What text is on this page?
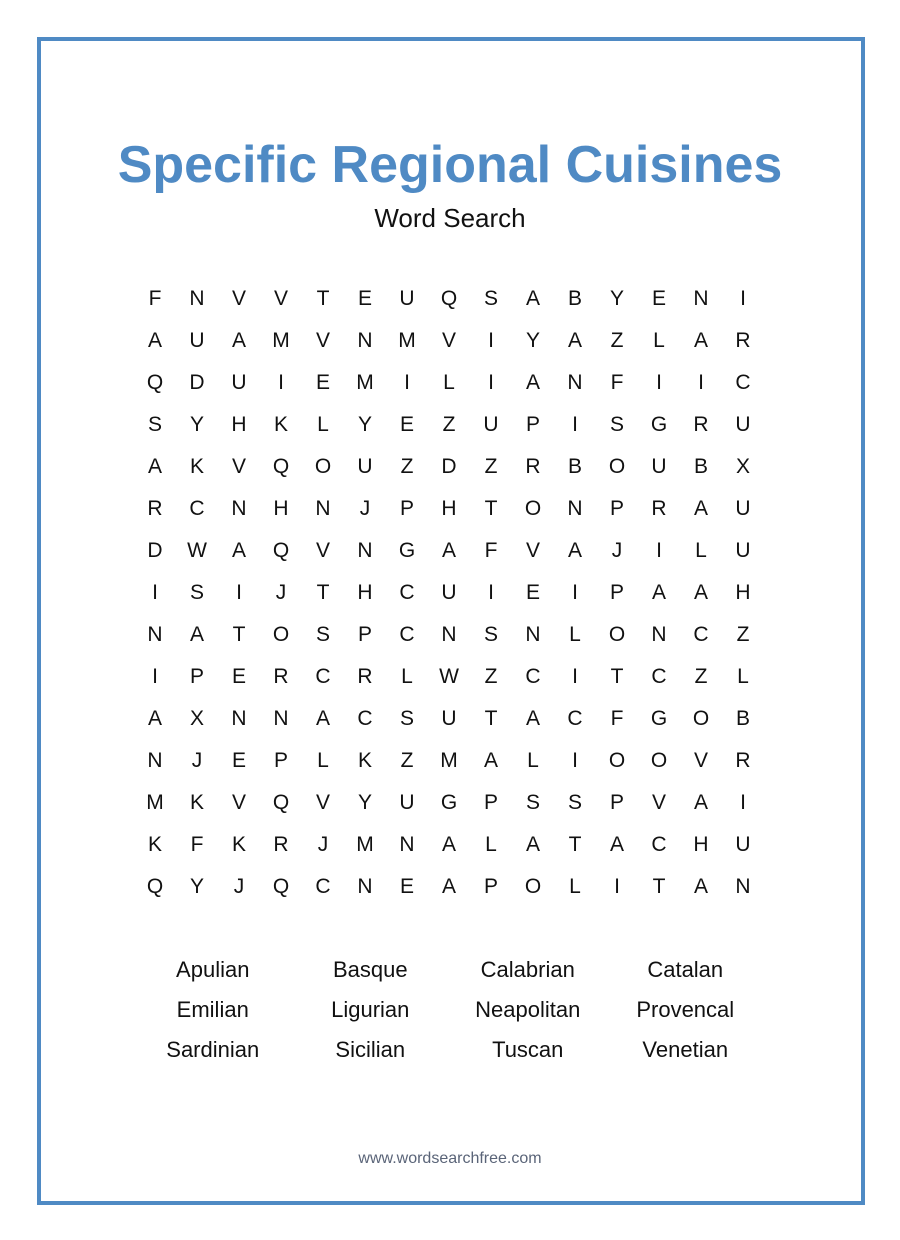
Specific Regional Cuisines
Word Search
F	N	V	V	T	E	U	Q	S	A	B	Y	E	N	I
A	U	A	M	V	N	M	V	I	Y	A	Z	L	A	R
Q	D	U	I	E	M	I	L	I	A	N	F	I	I	C
S	Y	H	K	L	Y	E	Z	U	P	I	S	G	R	U
A	K	V	Q	O	U	Z	D	Z	R	B	O	U	B	X
R	C	N	H	N	J	P	H	T	O	N	P	R	A	U
D	W	A	Q	V	N	G	A	F	V	A	J	I	L	U
I	S	I	J	T	H	C	U	I	E	I	P	A	A	H
N	A	T	O	S	P	C	N	S	N	L	O	N	C	Z
I	P	E	R	C	R	L	W	Z	C	I	T	C	Z	L
A	X	N	N	A	C	S	U	T	A	C	F	G	O	B
N	J	E	P	L	K	Z	M	A	L	I	O	O	V	R
M	K	V	Q	V	Y	U	G	P	S	S	P	V	A	I
K	F	K	R	J	M	N	A	L	A	T	A	C	H	U
Q	Y	J	Q	C	N	E	A	P	O	L	I	T	A	N
Apulian	Basque	Calabrian	Catalan
Emilian	Ligurian	Neapolitan	Provencal
Sardinian	Sicilian	Tuscan	Venetian
www.wordsearchfree.com
